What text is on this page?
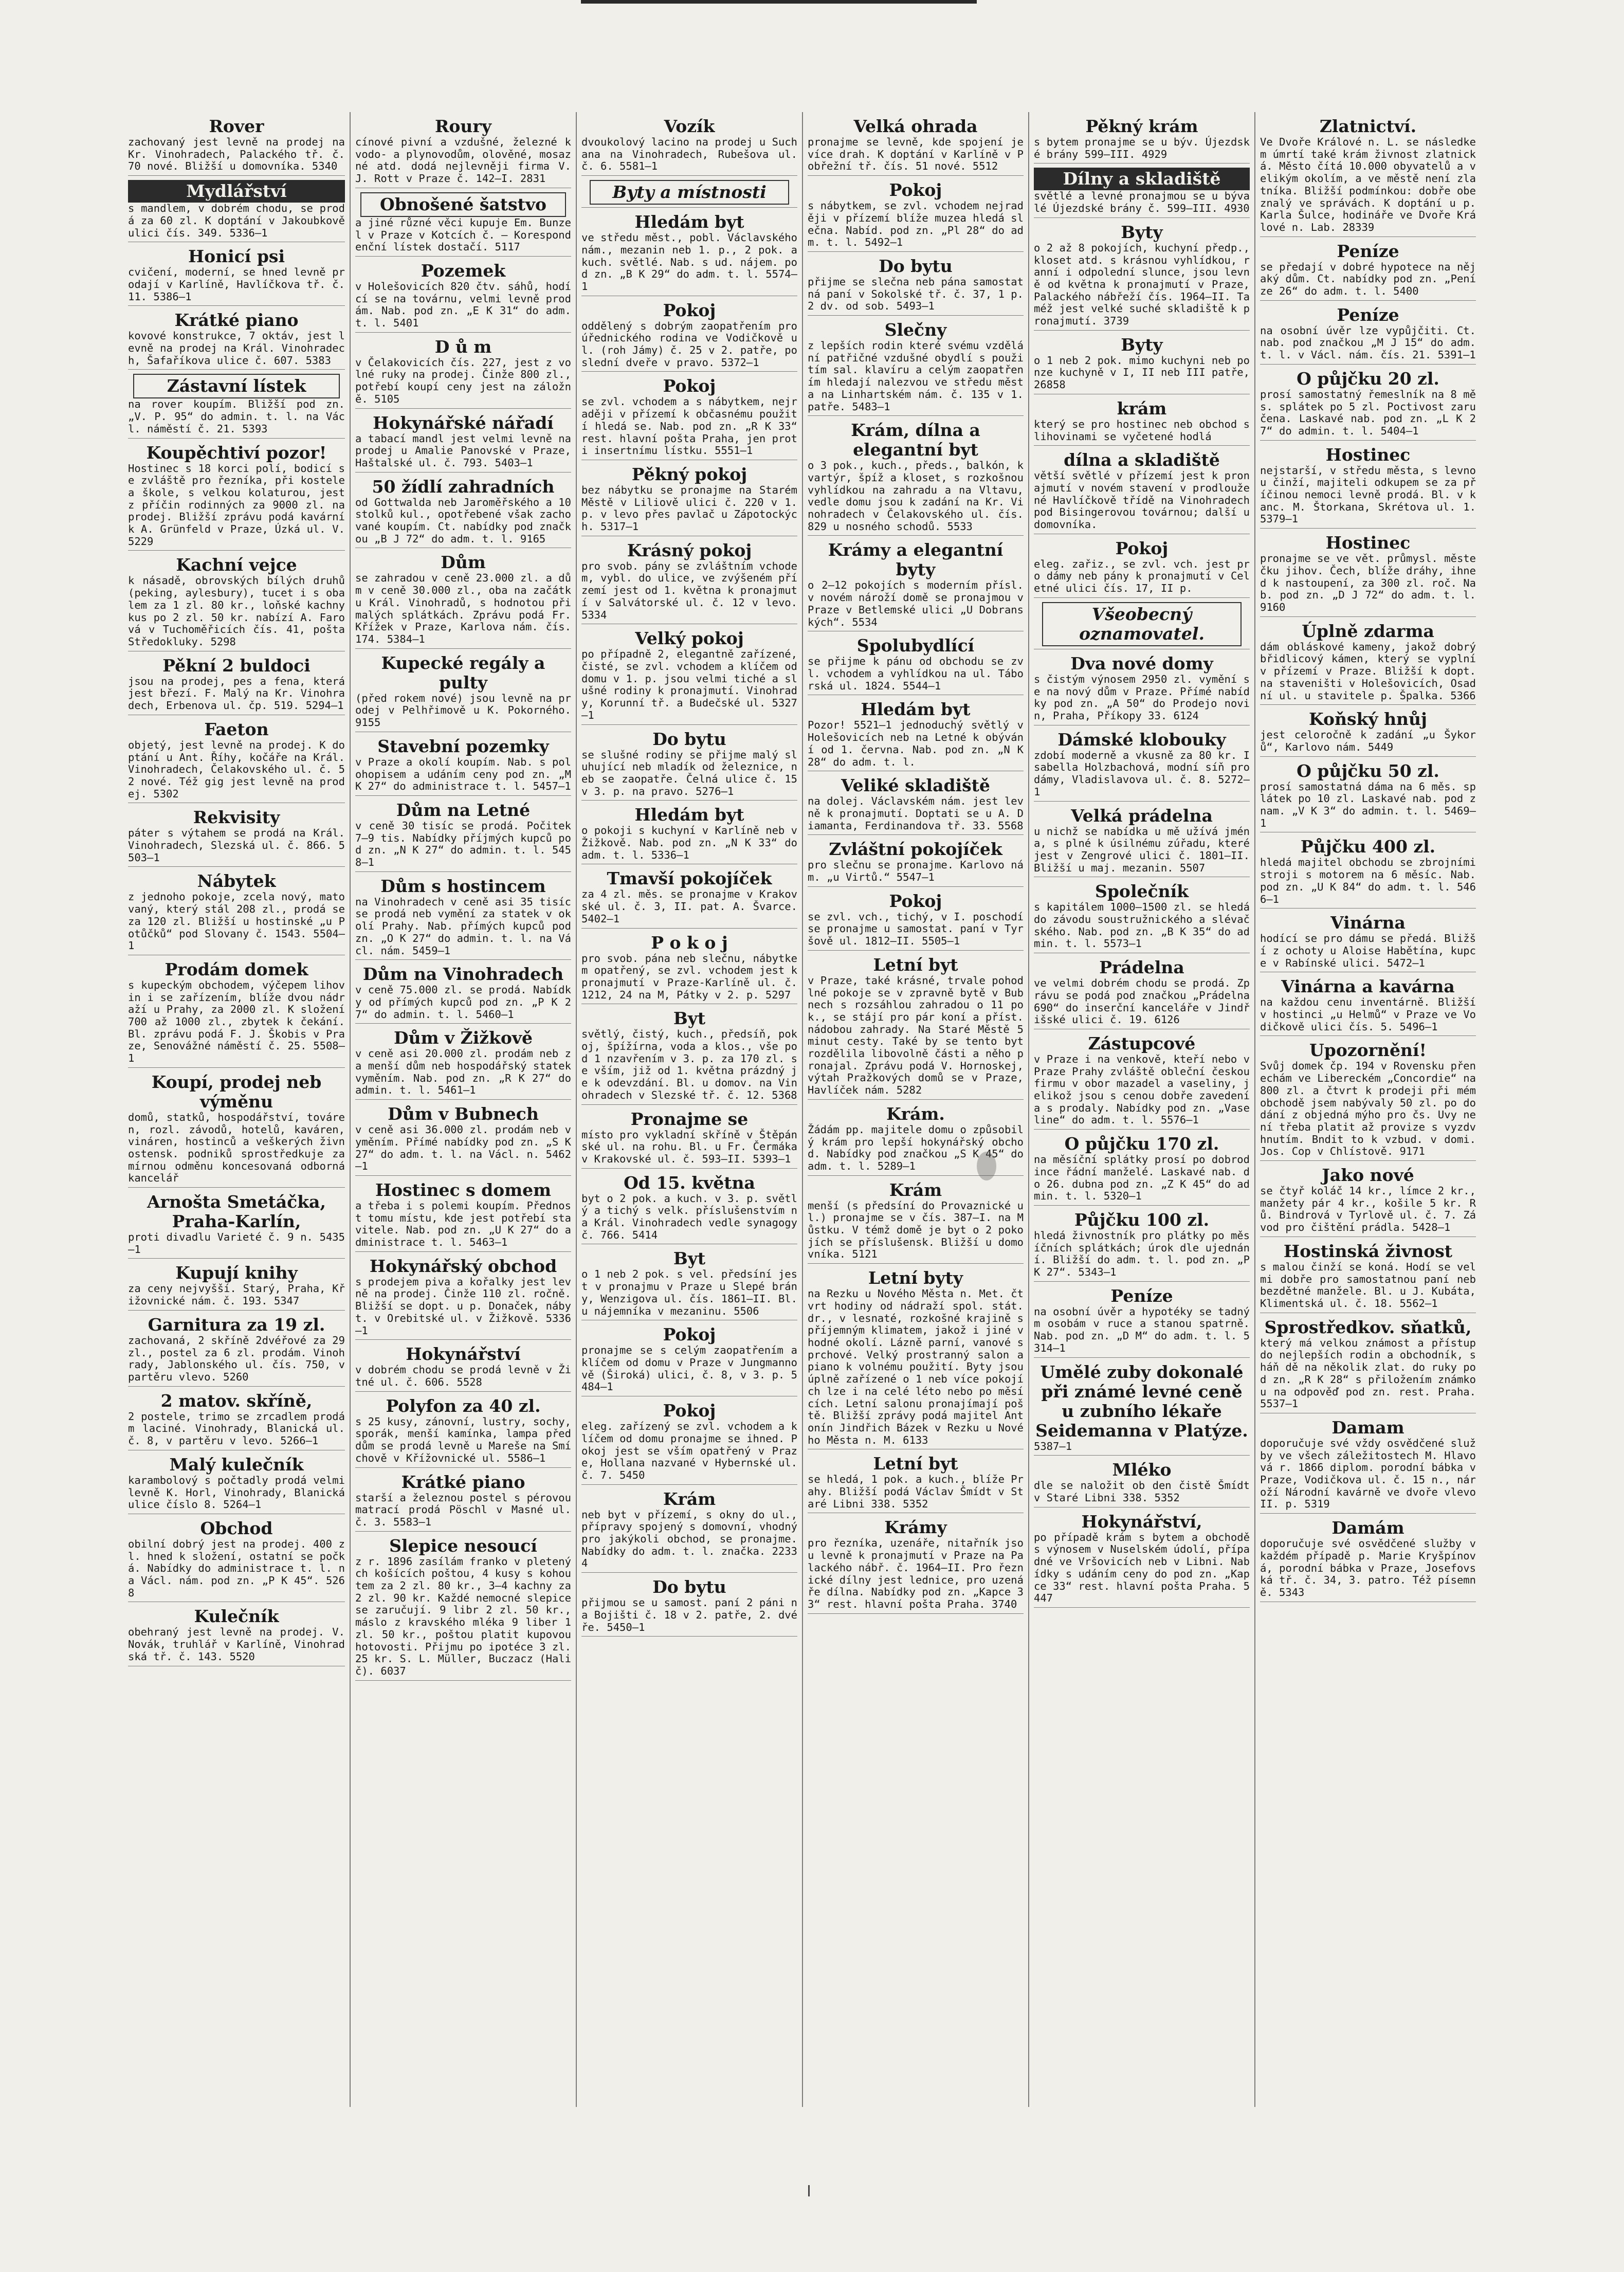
Rover
zachovaný jest levně na prodej na Kr. Vinohradech, Palackého tř. č. 70 nové. Bližší u domovníka. 5340
Mydlářství
s mandlem, v dobrém chodu, se prodá za 60 zl. K doptání v Jakoubkově ulici čís. 349. 5336—1
Honicí psi
cvičení, moderní, se hned levně prodají v Karlíně, Havlíčkova tř. č. 11. 5386—1
Krátké piano
kovové konstrukce, 7 oktáv, jest levně na prodej na Král. Vinohradech, Šafaříkova ulice č. 607. 5383
Zástavní lístek
na rover koupím. Bližší pod zn. „V. P. 95“ do admin. t. l. na Václ. náměstí č. 21. 5393
Koupěchtiví pozor!
Hostinec s 18 korci polí, bodicí se zvláště pro řezníka, při kostele a škole, s velkou kolaturou, jest z příčin rodinných za 9000 zl. na prodej. Bližší zprávu podá kavárník A. Grünfeld v Praze, Úzká ul. V. 5229
Kachní vejce
k násadě, obrovských bílých druhů (peking, aylesbury), tucet i s obalem za 1 zl. 80 kr., loňské kachny kus po 2 zl. 50 kr. nabízí A. Farová v Tuchoměřicích čís. 41, pošta Středokluky. 5298
Pěkní 2 buldoci
jsou na prodej, pes a fena, která jest březí. F. Malý na Kr. Vinohradech, Erbenova ul. čp. 519. 5294—1
Faeton
objetý, jest levně na prodej. K doptání u Ant. Říhy, kočáře na Král. Vinohradech, Čelakovského ul. č. 52 nové. Též gig jest levně na prodej. 5302
Rekvisity
páter s výtahem se prodá na Král. Vinohradech, Slezská ul. č. 866. 5503—1
Nábytek
z jednoho pokoje, zcela nový, matovaný, který stál 208 zl., prodá se za 120 zl. Bližší u hostinské „u Potůčků“ pod Slovany č. 1543. 5504—1
Prodám domek
s kupeckým obchodem, výčepem lihovin i se zařízením, blíže dvou nádraží u Prahy, za 2000 zl. K složení 700 až 1000 zl., zbytek k čekání. Bl. zprávu podá F. J. Škobis v Praze, Senovážné náměstí č. 25. 5508—1
Koupí, prodej neb výměnu
domů, statků, hospodářství, továren, rozl. závodů, hotelů, kaváren, vináren, hostinců a veškerých živnostensk. podniků sprostředkuje za mírnou odměnu koncesovaná odborná kancelář
Arnošta Smetáčka, Praha-Karlín,
proti divadlu Varieté č. 9 n. 5435—1
Kupují knihy
za ceny nejvyšší. Starý, Praha, Křižovnické nám. č. 193. 5347
Garnitura za 19 zl.
zachovaná, 2 skříně 2dvéřové za 29 zl., postel za 6 zl. prodám. Vinohrady, Jablonského ul. čís. 750, v partěru vlevo. 5260
2 matov. skříně,
2 postele, trimo se zrcadlem prodám laciné. Vinohrady, Blanická ul. č. 8, v partěru v levo. 5266—1
Malý kulečník
karambolový s počtadly prodá velmi levně K. Horl, Vinohrady, Blanická ulice číslo 8. 5264—1
Obchod
obilní dobrý jest na prodej. 400 zl. hned k složení, ostatní se počká. Nabídky do administrace t. l. na Václ. nám. pod zn. „P K 45“. 5268
Kulečník
obehraný jest levně na prodej. V. Novák, truhlář v Karlíně, Vinohradská tř. č. 143. 5520
Roury
cínové pivní a vzdušné, železné k vodo- a plynovodům, olověné, mosazné atd. dodá nejlevněji firma V. J. Rott v Praze č. 142—I. 2831
Obnošené šatstvo
a jiné různé věci kupuje Em. Bunzel v Praze v Kotcích č. — Korespondenční lístek dostačí. 5117
Pozemek
v Holešovicích 820 čtv. sáhů, hodící se na továrnu, velmi levně prodám. Nab. pod zn. „E K 31“ do adm. t. l. 5401
D ů m
v Čelakovicích čís. 227, jest z volné ruky na prodej. Činže 800 zl., potřebí koupí ceny jest na záložně. 5105
Hokynářské nářadí
a tabací mandl jest velmi levně na prodej u Amalie Panovské v Praze, Haštalské ul. č. 793. 5403—1
50 žídlí zahradních
od Gottwalda neb Jaroměřského a 10 stolků kul., opotřebené však zachované koupím. Ct. nabídky pod značkou „B J 72“ do adm. t. l. 9165
Dům
se zahradou v ceně 23.000 zl. a dům v ceně 30.000 zl., oba na začátku Král. Vinohradů, s hodnotou při malých splátkách. Zprávu podá Fr. Křížek v Praze, Karlova nám. čís. 174. 5384—1
Kupecké regály a pulty
(před rokem nové) jsou levně na prodej v Pelhřimově u K. Pokorného. 9155
Stavební pozemky
v Praze a okolí koupím. Nab. s polohopisem a udáním ceny pod zn. „M K 27“ do administrace t. l. 5457—1
Dům na Letné
v ceně 30 tisíc se prodá. Počitek 7—9 tis. Nabídky příjmých kupců pod zn. „N K 27“ do admin. t. l. 5458—1
Dům s hostincem
na Vinohradech v ceně asi 35 tisíc se prodá neb vymění za statek v okolí Prahy. Nab. přímých kupců pod zn. „O K 27“ do admin. t. l. na Václ. nám. 5459—1
Dům na Vinohradech
v ceně 75.000 zl. se prodá. Nabídky od přímých kupců pod zn. „P K 27“ do admin. t. l. 5460—1
Dům v Žižkově
v ceně asi 20.000 zl. prodám neb za menší dům neb hospodářský statek vyměním. Nab. pod zn. „R K 27“ do admin. t. l. 5461—1
Dům v Bubnech
v ceně asi 36.000 zl. prodám neb vyměním. Přímé nabídky pod zn. „S K 27“ do adm. t. l. na Václ. n. 5462—1
Hostinec s domem
a třeba i s polemi koupím. Přednost tomu místu, kde jest potřebí stavitele. Nab. pod zn. „U K 27“ do administrace t. l. 5463—1
Hokynářský obchod
s prodejem piva a kořalky jest levně na prodej. Činže 110 zl. ročně. Bližší se dopt. u p. Donaček, nábyt. v Orebitské ul. v Žižkově. 5336—1
Hokynářství
v dobrém chodu se prodá levně v Žitné ul. č. 606. 5528
Polyfon za 40 zl.
s 25 kusy, zánovní, lustry, sochy, sporák, menší kamínka, lampa před dům se prodá levně u Mareše na Smíchově v Křížovnické ul. 5586—1
Krátké piano
starší a železnou postel s pérovou matrací prodá Pöschl v Masné ul. č. 3. 5583—1
Slepice nesoucí
z r. 1896 zasílám franko v pletených košících poštou, 4 kusy s kohoutem za 2 zl. 80 kr., 3—4 kachny za 2 zl. 90 kr. Každé nemocné slepice se zaručují. 9 libr 2 zl. 50 kr., máslo z kravského mléka 9 liber 1 zl. 50 kr., poštou platit kupovou hotovosti. Přijmu po ipotéce 3 zl. 25 kr. S. L. Müller, Buczacz (Halič). 6037
Vozík
dvoukolový lacino na prodej u Suchana na Vinohradech, Rubešova ul. č. 6. 5581—1
Byty a místnosti
Hledám byt
ve středu měst., pobl. Václavského nám., mezanin neb 1. p., 2 pok. a kuch. světlé. Nab. s ud. nájem. pod zn. „B K 29“ do adm. t. l. 5574—1
Pokoj
oddělený s dobrým zaopatřením pro úřednického rodina ve Vodičkově ul. (roh Jámy) č. 25 v 2. patře, poslední dveře v pravo. 5372—1
Pokoj
se zvl. vchodem a s nábytkem, nejraději v přízemí k občasnému použití hledá se. Nab. pod zn. „R K 33“ rest. hlavní pošta Praha, jen proti insertnímu lístku. 5551—1
Pěkný pokoj
bez nábytku se pronajme na Starém Městě v Liliově ulici č. 220 v 1. p. v levo přes pavlač u Zápotockých. 5317—1
Krásný pokoj
pro svob. pány se zvláštním vchodem, vybl. do ulice, ve zvýšeném přízemí jest od 1. května k pronajmutí v Salvátorské ul. č. 12 v levo. 5334
Velký pokoj
po případně 2, elegantně zařízené, čisté, se zvl. vchodem a klíčem od domu v 1. p. jsou velmi tiché a slušné rodiny k pronajmutí. Vinohrady, Korunní tř. a Budečské ul. 5327—1
Do bytu
se slušné rodiny se přijme malý sluhující neb mladík od železnice, neb se zaopatře. Čelná ulice č. 15 v 3. p. na pravo. 5276—1
Hledám byt
o pokoji s kuchyní v Karlíně neb v Žižkově. Nab. pod zn. „N K 33“ do adm. t. l. 5336—1
Tmavší pokojíček
za 4 zl. měs. se pronajme v Krakovské ul. č. 3, II. pat. A. Švarce. 5402—1
P o k o j
pro svob. pána neb slečnu, nábytkem opatřený, se zvl. vchodem jest k pronajmutí v Praze-Karlíně ul. č. 1212, 24 na M, Pátky v 2. p. 5297
Byt
světlý, čistý, kuch., předsíň, pokoj, špížírna, voda a klos., vše pod 1 nzavřením v 3. p. za 170 zl. se vším, již od 1. května prázdný je k odevzdání. Bl. u domov. na Vinohradech v Slezské tř. č. 12. 5368
Pronajme se
místo pro vykladní skříně v Štěpánské ul. na rohu. Bl. u Fr. Čermáka v Krakovské ul. č. 593—II. 5393—1
Od 15. května
byt o 2 pok. a kuch. v 3. p. světlý a tichý s velk. příslušenstvím na Král. Vinohradech vedle synagogy č. 766. 5414
Byt
o 1 neb 2 pok. s vel. předsíní jest v pronajmu v Praze u Slepé brány, Wenzigova ul. čís. 1861—II. Bl. u nájemníka v mezaninu. 5506
Pokoj
pronajme se s celým zaopatřením a klíčem od domu v Praze v Jungmannově (Široká) ulici, č. 8, v 3. p. 5484—1
Pokoj
eleg. zařízený se zvl. vchodem a klíčem od domu pronajme se ihned. Pokoj jest se vším opatřený v Praze, Hollana nazvané v Hybernské ul. č. 7. 5450
Krám
neb byt v přízemí, s okny do ul., přípravy spojený s domovní, vhodný pro jakýkoli obchod, se pronajme. Nabídky do adm. t. l. značka. 22334
Do bytu
přijmou se u samost. paní 2 páni na Bojišti č. 18 v 2. patře, 2. dvéře. 5450—1
Velká ohrada
pronajme se levně, kde spojení je více drah. K doptání v Karlíně v Pobřežní tř. čís. 51 nové. 5512
Pokoj
s nábytkem, se zvl. vchodem nejraději v přízemí blíže muzea hledá slečna. Nabíd. pod zn. „Pl 28“ do adm. t. l. 5492—1
Do bytu
přijme se slečna neb pána samostatná paní v Sokolské tř. č. 37, 1 p. 2 dv. od sob. 5493—1
Slečny
z lepších rodin které svému vzdělání patřičné vzdušné obydlí s použitím sal. klavíru a celým zaopatřením hledají nalezvou ve středu města na Linhartském nám. č. 135 v 1. patře. 5483—1
Krám, dílna a elegantní byt
o 3 pok., kuch., předs., balkón, kvartýr, špíž a kloset, s rozkošnou vyhlídkou na zahradu a na Vltavu, vedle domu jsou k zadání na Kr. Vinohradech v Čelakovského ul. čís. 829 u nosného schodů. 5533
Krámy a elegantní byty
o 2—12 pokojích s moderním přísl. v novém nároží domě se pronajmou v Praze v Betlemské ulici „U Dobranských“. 5534
Spolubydlící
se přijme k pánu od obchodu se zvl. vchodem a vyhlídkou na ul. Táborská ul. 1824. 5544—1
Hledám byt
Pozor! 5521—1 jednoduchý světlý v Holešovicích neb na Letné k obývání od 1. června. Nab. pod zn. „N K 28“ do adm. t. l.
Veliké skladiště
na dolej. Václavském nám. jest levně k pronajmutí. Doptati se u A. Diamanta, Ferdinandova tř. 33. 5568
Zvláštní pokojíček
pro slečnu se pronajme. Karlovo nám. „u Virtů.“ 5547—1
Pokoj
se zvl. vch., tichý, v I. poschodí se pronajme u samostat. paní v Tyršově ul. 1812—II. 5505—1
Letní byt
v Praze, také krásné, trvale pohodlné pokoje se v zpravně bytě v Bubnech s rozsáhlou zahradou o 11 pok., se stájí pro pár koní a příst. nádobou zahrady. Na Staré Městě 5 minut cesty. Také by se tento byt rozdělila libovolně části a něho pronajal. Zprávu podá V. Hornoskej, výtah Pražkových domů se v Praze, Havlíček nám. 5282
Krám.
Žádám pp. majitele domu o způsobilý krám pro lepší hokynářský obchod. Nabídky pod značkou „S K 45“ do adm. t. l. 5289—1
Krám
menší (s předsíní do Provaznické ul.) pronajme se v čís. 387—I. na Můstku. V témž domě je byt o 2 pokojích se příslušensk. Bližší u domovníka. 5121
Letní byty
na Rezku u Nového Města n. Met. čtvrt hodiny od nádraží spol. stát. dr., v lesnaté, rozkošné krajině s příjemným klimatem, jakož i jiné vhodné okolí. Lázně parní, vanové sprchové. Velký prostranný salon a piano k volnému použití. Byty jsou úplně zařízené o 1 neb více pokojích lze i na celé léto nebo po měsících. Letní salonu pronajímají poště. Bližší zprávy podá majitel Antonín Jindřich Bázek v Rezku u Nového Města n. M. 6133
Letní byt
se hledá, 1 pok. a kuch., blíže Prahy. Bližší podá Václav Šmídt v Staré Libni 338. 5352
Krámy
pro řezníka, uzenáře, nitařník jsou levně k pronajmutí v Praze na Palackého nábř. č. 1964—II. Pro řeznické dílny jest lednice, pro uzenáře dílna. Nabídky pod zn. „Kapce 33“ rest. hlavní pošta Praha. 3740
Pěkný krám
s bytem pronajme se u býv. Újezdské brány 599—III. 4929
Dílny a skladiště
světlé a levné pronajmou se u bývalé Újezdské brány č. 599—III. 4930
Byty
o 2 až 8 pokojích, kuchyní předp., kloset atd. s krásnou vyhlídkou, ranní i odpolední slunce, jsou levně od května k pronajmutí v Praze, Palackého nábřeží čís. 1964—II. Taméž jest velké suché skladiště k pronajmutí. 3739
Byty
o 1 neb 2 pok. mimo kuchyni neb ponze kuchyně v I, II neb III patře, 26858
krám
který se pro hostinec neb obchod s lihovinami se vyčetené hodlá
dílna a skladiště
větší světlé v přízemí jest k pronajmutí v novém stavení v prodloužené Havlíčkově třídě na Vinohradech pod Bisingerovou továrnou; další u domovníka.
Pokoj
eleg. zařiz., se zvl. vch. jest pro dámy neb pány k pronajmutí v Celetné ulici čís. 17, II p.
Všeobecný oznamovatel.
Dva nové domy
s čistým výnosem 2950 zl. vymění se na nový dům v Praze. Přímé nabídky pod zn. „A 50“ do Prodejo novin, Praha, Příkopy 33. 6124
Dámské klobouky
zdobí moderně a vkusně za 80 kr. Isabella Holzbachová, modní síň pro dámy, Vladislavova ul. č. 8. 5272—1
Velká prádelna
u nichž se nabídka u mě užívá jména, s plné k úsilnému zúřadu, které jest v Zengrové ulici č. 1801—II. Bližší u maj. mezanin. 5507
Společník
s kapitálem 1000—1500 zl. se hledá do závodu soustružnického a slévačského. Nab. pod zn. „B K 35“ do admin. t. l. 5573—1
Prádelna
ve velmi dobrém chodu se prodá. Zprávu se podá pod značkou „Prádelna 690“ do inserční kanceláře v Jindřišské ulici č. 19. 6126
Zástupcové
v Praze i na venkově, kteří nebo v Praze Prahy zvláště obleční českou firmu v obor mazadel a vaseliny, jelikož jsou s cenou dobře zavedení a s prodaly. Nabídky pod zn. „Vaseline“ do adm. t. l. 5576—1
O půjčku 170 zl.
na měsíční splátky prosí po dobrodince řádní manželé. Laskavé nab. do 26. dubna pod zn. „Z K 45“ do admin. t. l. 5320—1
Půjčku 100 zl.
hledá živnostník pro plátky po měsíčních splátkách; úrok dle ujednání. Bližší do adm. t. l. pod zn. „P K 27“. 5343—1
Peníze
na osobní úvěr a hypotéky se tadným osobám v ruce a stanou spatrně. Nab. pod zn. „D M“ do adm. t. l. 5314—1
Umělé zuby dokonalé při známé levné ceně u zubního lékaře Seidemanna v Platýze.
5387—1
Mléko
dle se naložit ob den čistě Šmídt v Staré Libni 338. 5352
Hokynářství,
po případě krám s bytem a obchodě s výnosem v Nuselském údolí, případné ve Vršovicích neb v Libni. Nabídky s udáním ceny do pod zn. „Kapce 33“ rest. hlavní pošta Praha. 5447
Zlatnictví.
Ve Dvoře Králové n. L. se následkem úmrtí také krám živnost zlatnická. Město čítá 10.000 obyvatelů a velikým okolím, a ve městě není zlatníka. Bližší podmínkou: dobře obeznalý ve správách. K doptání u p. Karla Šulce, hodináře ve Dvoře Králové n. Lab. 28339
Peníze
se předají v dobré hypotece na nějaký dům. Ct. nabídky pod zn. „Peníze 26“ do adm. t. l. 5400
Peníze
na osobní úvěr lze vypůjčiti. Ct. nab. pod značkou „M J 15“ do adm. t. l. v Václ. nám. čís. 21. 5391—1
O půjčku 20 zl.
prosí samostatný řemeslník na 8 měs. splátek po 5 zl. Poctivost zaručena. Laskavé nab. pod zn. „L K 27“ do admin. t. l. 5404—1
Hostinec
nejstarší, v středu města, s levnou činží, majiteli odkupem se za příčinou nemoci levně prodá. Bl. v kanc. M. Štorkana, Skrétova ul. 1. 5379—1
Hostinec
pronajme se ve vět. průmysl. městečku jihov. Čech, blíže dráhy, ihned k nastoupení, za 300 zl. roč. Nab. pod zn. „D J 72“ do adm. t. l. 9160
Úplně zdarma
dám obláskové kameny, jakož dobrý břidlicový kámen, který se vyplní v přízemí v Praze. Bližší k dopt. na staveništi v Holešovicích, Osadní ul. u stavitele p. Špalka. 5366
Koňský hnůj
jest celoročně k zadání „u Šykorů“, Karlovo nám. 5449
O půjčku 50 zl.
prosí samostatná dáma na 6 měs. splátek po 10 zl. Laskavé nab. pod znam. „V K 3“ do admin. t. l. 5469—1
Půjčku 400 zl.
hledá majitel obchodu se zbrojními stroji s motorem na 6 měsíc. Nab. pod zn. „U K 84“ do adm. t. l. 5466—1
Vinárna
hodící se pro dámu se předá. Bližší z ochoty u Aloise Habětína, kupce v Rabínské ulici. 5472—1
Vinárna a kavárna
na každou cenu inventárně. Bližší v hostinci „u Helmů“ v Praze ve Vodičkově ulici čís. 5. 5496—1
Upozornění!
Svůj domek čp. 194 v Rovensku přenechám ve Libereckém „Concordie“ na 800 zl. a čtvrt k prodeji při mém obchodě jsem nabývaly 50 zl. po dodání z objedná mýho pro čs. Uvy není třeba platit až provize s vyzdvhnutím. Bndit to k vzbud. v domi. Jos. Cop v Chlístově. 9171
Jako nové
se čtyř koláč 14 kr., límce 2 kr., manžety pár 4 kr., košile 5 kr. Rů. Bindrová v Tyrlově ul. č. 7. Závod pro čištění prádla. 5428—1
Hostinská živnost
s malou činží se koná. Hodí se velmi dobře pro samostatnou paní neb bezdětné manžele. Bl. u J. Kubáta, Klimentská ul. č. 18. 5562—1
Sprostředkov. sňatků,
který má velkou známost a přístup do nejlepších rodin a obchodník, sháň dě na několik zlat. do ruky pod zn. „R K 28“ s přiložením známkou na odpověď pod zn. rest. Praha. 5537—1
Damam
doporučuje své vždy osvědčené služby ve všech záležitostech M. Hlavová r. 1866 diplom. porodní bábka v Praze, Vodičkova ul. č. 15 n., nároží Národní kavárně ve dvoře vlevo II. p. 5319
Damám
doporučuje své osvědčené služby v každém případě p. Marie Kryšpínová, porodní bábka v Praze, Josefovská tř. č. 34, 3. patro. Též písemně. 5343
